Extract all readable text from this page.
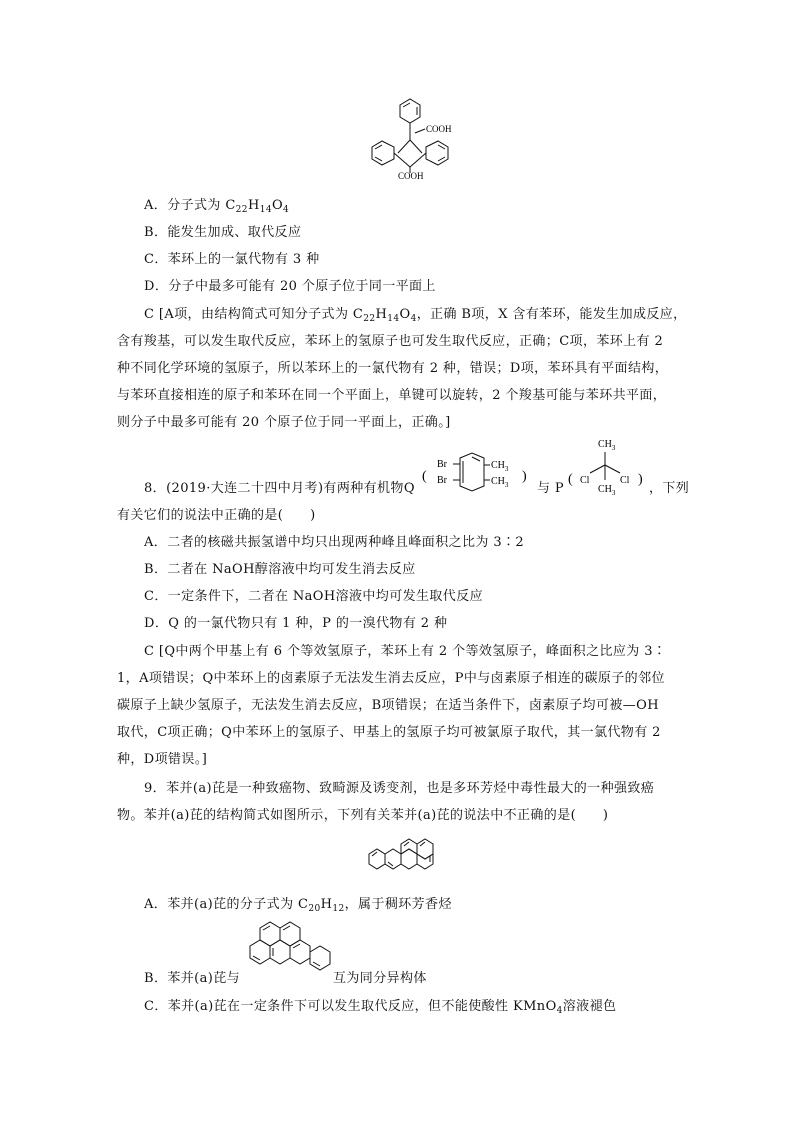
COOH
COOH
A．分子式为 $C_{22}H_{14}O_4$
B．能发生加成、取代反应
C．苯环上的一氯代物有 3 种
D．分子中最多可能有 20 个原子位于同一平面上
C [A项，由结构简式可知分子式为 $C_{22}H_{14}O_4$，正确 B项，X 含有苯环，能发生加成反应，
含有羧基，可以发生取代反应，苯环上的氢原子也可发生取代反应，正确；C项，苯环上有 2
种不同化学环境的氢原子，所以苯环上的一氯代物有 2 种，错误；D项，苯环具有平面结构，
与苯环直接相连的原子和苯环在同一个平面上，单键可以旋转，2 个羧基可能与苯环共平面，
则分子中最多可能有 20 个原子位于同一平面上，正确。]
8．(2019·大连二十四中月考)有两种有机物Q
(
Br
Br
$CH_3$
$CH_3$
)
与 P
(
$CH_3$
Cl	Cl
$CH_3$
)
，下列
有关它们的说法中正确的是(　　)
A．二者的核磁共振氢谱中均只出现两种峰且峰面积之比为 3∶2
B．二者在 NaOH醇溶液中均可发生消去反应
C．一定条件下，二者在 NaOH溶液中均可发生取代反应
D．Q 的一氯代物只有 1 种，P 的一溴代物有 2 种
C [Q中两个甲基上有 6 个等效氢原子，苯环上有 2 个等效氢原子，峰面积之比应为 3∶
1，A项错误；Q中苯环上的卤素原子无法发生消去反应，P中与卤素原子相连的碳原子的邻位
碳原子上缺少氢原子，无法发生消去反应，B项错误；在适当条件下，卤素原子均可被—OH
取代，C项正确；Q中苯环上的氢原子、甲基上的氢原子均可被氯原子取代，其一氯代物有 2
种，D项错误。]
9．苯并(a)芘是一种致癌物、致畸源及诱变剂，也是多环芳烃中毒性最大的一种强致癌
物。苯并(a)芘的结构简式如图所示，下列有关苯并(a)芘的说法中不正确的是(　　)
A．苯并(a)芘的分子式为 $C_{20}H_{12}$，属于稠环芳香烃
B．苯并(a)芘与	互为同分异构体
C．苯并(a)芘在一定条件下可以发生取代反应，但不能使酸性 KMnO$_4$溶液褪色
